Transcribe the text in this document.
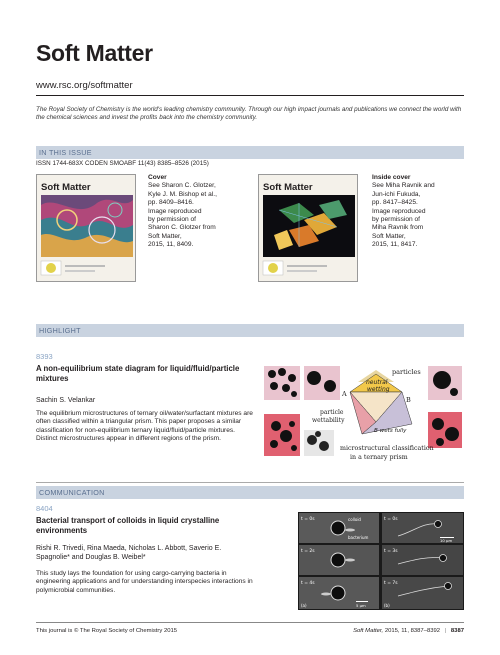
Soft Matter
www.rsc.org/softmatter
The Royal Society of Chemistry is the world's leading chemistry community. Through our high impact journals and publications we connect the world with the chemical sciences and invest the profits back into the chemistry community.
IN THIS ISSUE
ISSN 1744-683X CODEN SMOABF 11(43) 8385–8526 (2015)
Soft Matter
Cover
See Sharon C. Glotzer,
Kyle J. M. Bishop et al.,
pp. 8409–8416.
Image reproduced
by permission of
Sharon C. Glotzer from
Soft Matter,
2015, 11, 8409.
Soft Matter
Inside cover
See Miha Ravnik and
Jun-ichi Fukuda,
pp. 8417–8425.
Image reproduced
by permission of
Miha Ravnik from
Soft Matter,
2015, 11, 8417.
HIGHLIGHT
8393
A non-equilibrium state diagram for liquid/fluid/particle mixtures
Sachin S. Velankar
The equilibrium microstructures of ternary oil/water/surfactant mixtures are often classified within a triangular prism. This paper proposes a similar classification for non-equilibrium ternary liquid/fluid/particle mixtures. Distinct microstructures appear in different regions of the prism.
particles
neutral
wetting
A
B
particle
wettability
B wets fully
microstructural classification
in a ternary prism
COMMUNICATION
8404
Bacterial transport of colloids in liquid crystalline environments
Rishi R. Trivedi, Rina Maeda, Nicholas L. Abbott, Saverio E. Spagnolie* and Douglas B. Weibel*
This study lays the foundation for using cargo-carrying bacteria in engineering applications and for understanding interspecies interactions in polymicrobial communities.
t = 0s
t = 2s
t = 4s
colloid
bacterium
5 µm
(a)
t = 0s
t = 3s
t = 7s
10 µm
(b)
This journal is © The Royal Society of Chemistry 2015	Soft Matter, 2015, 11, 8387–8392 | 8387
